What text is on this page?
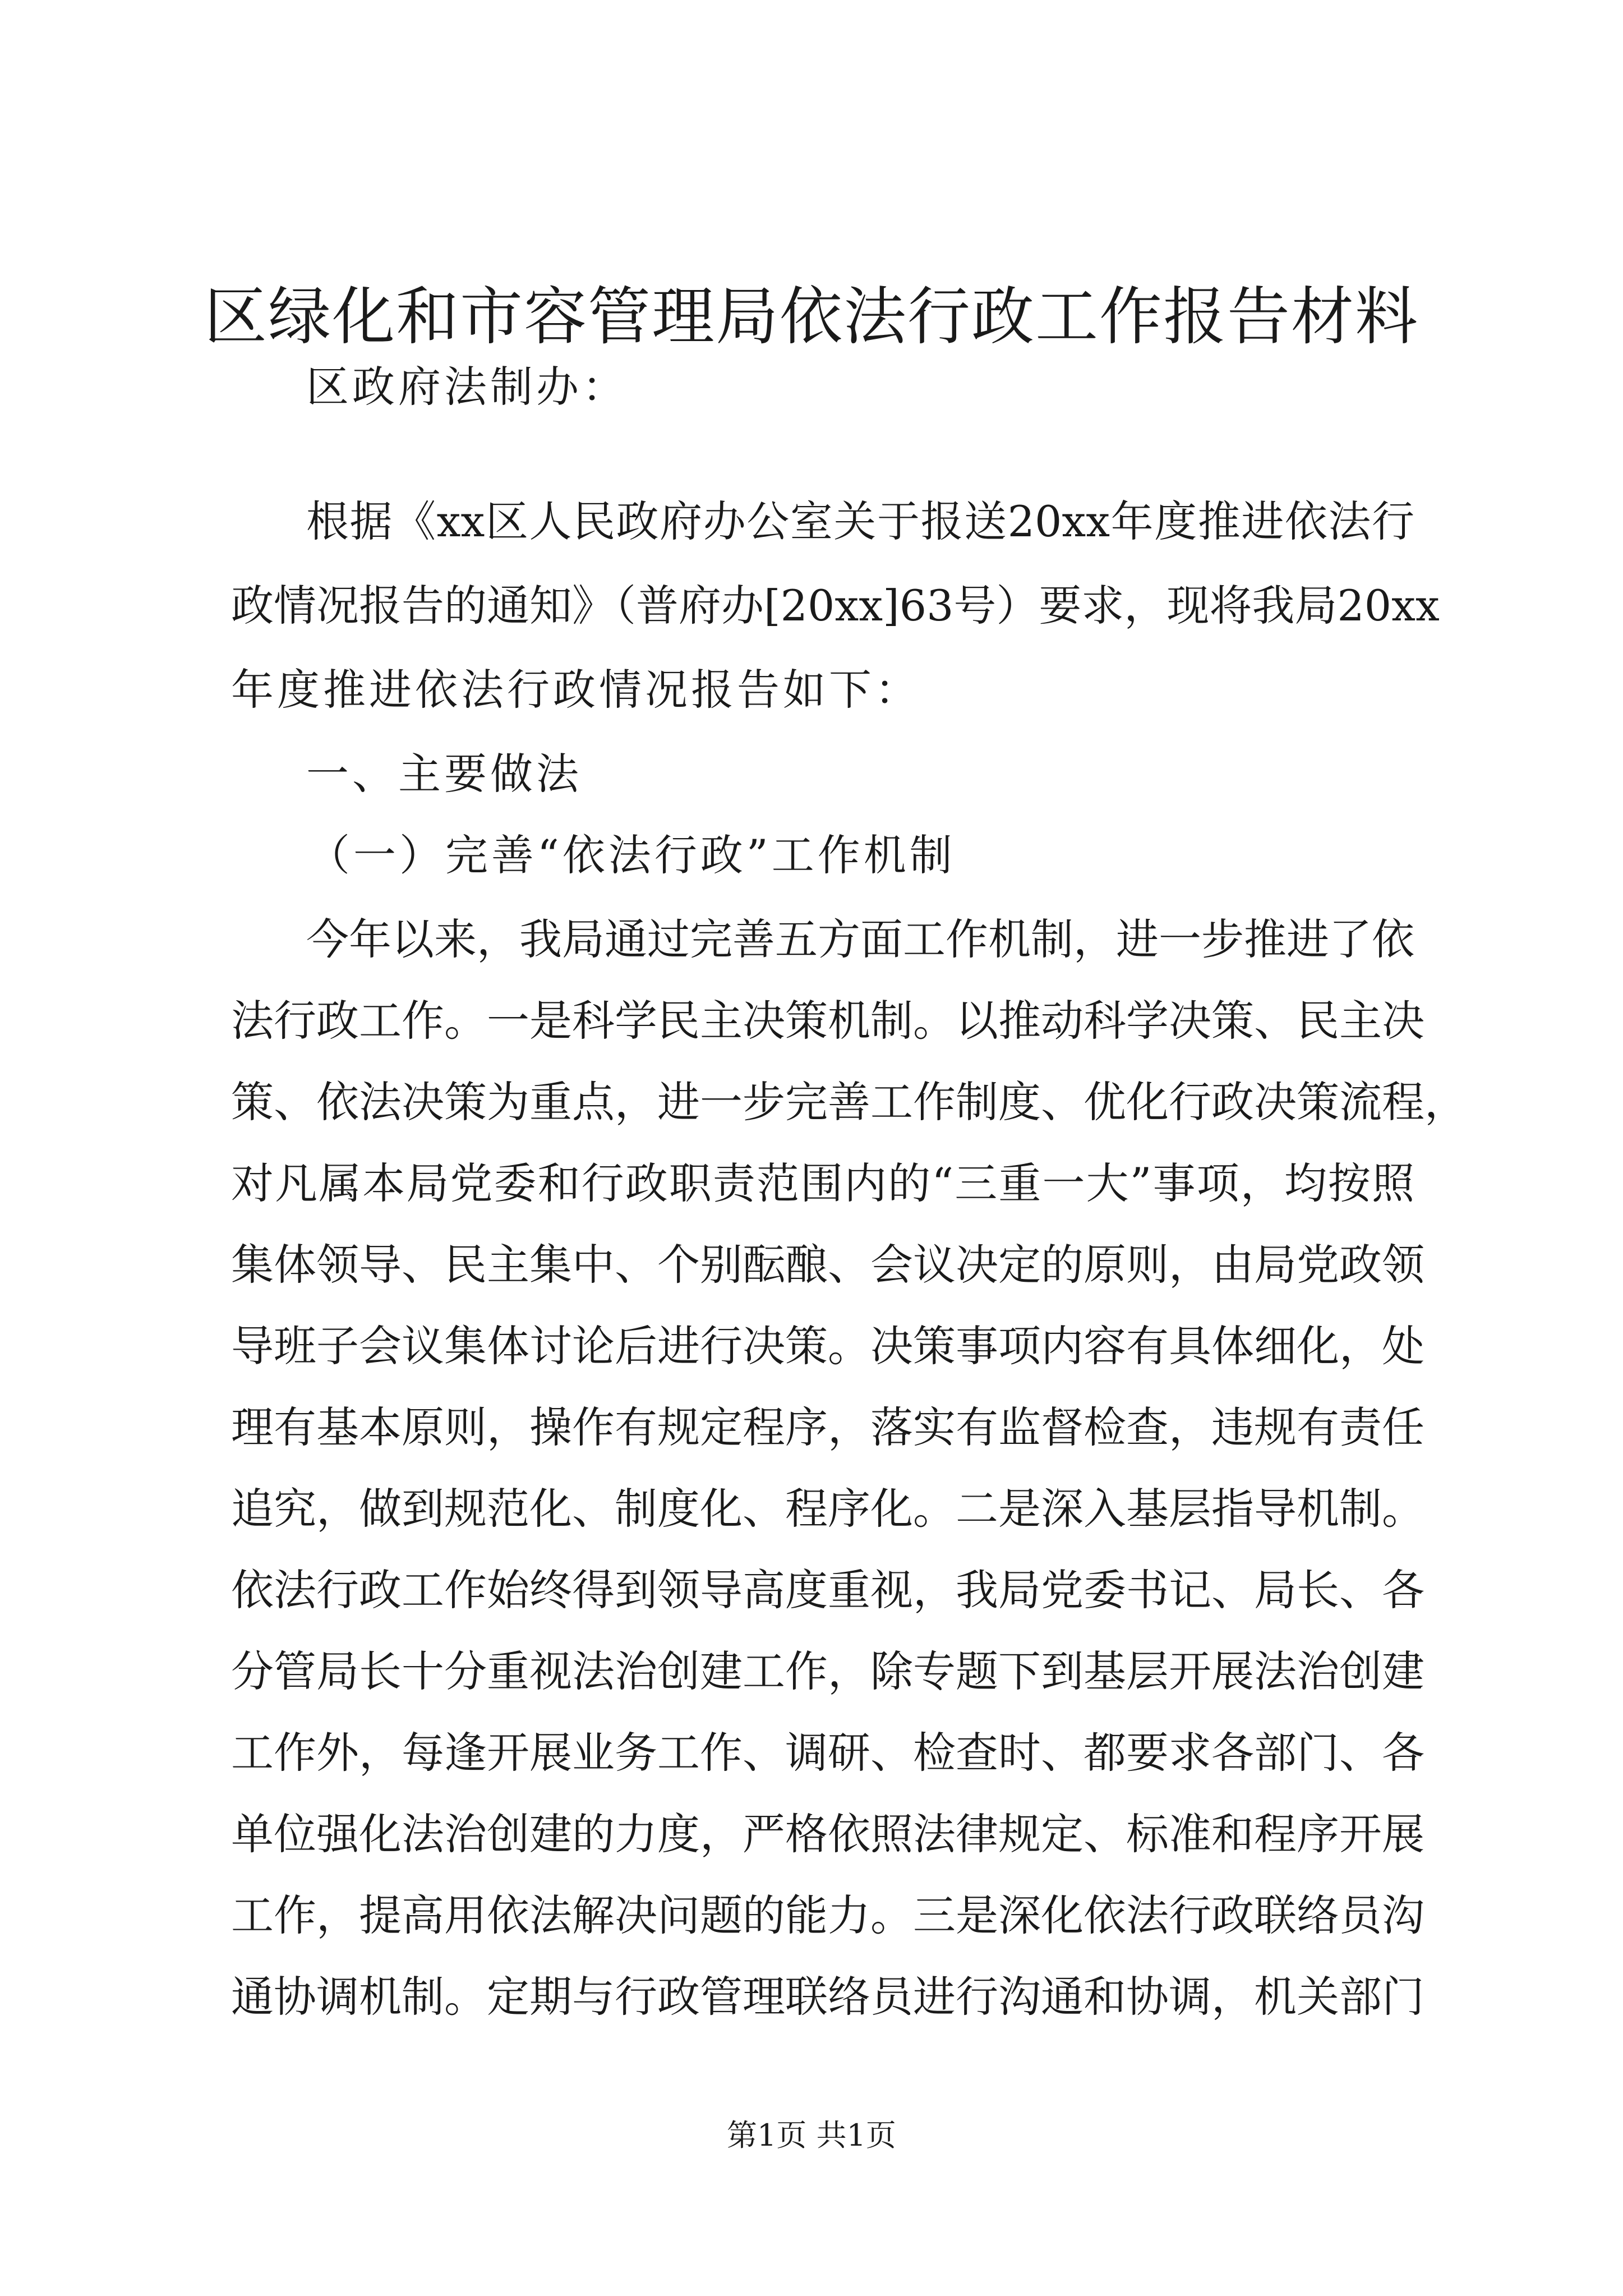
区绿化和市容管理局依法行政工作报告材料
区政府法制办：
根据《xx区人民政府办公室关于报送20xx年度推进依法行
政情况报告的通知》（普府办[20xx]63号）要求，现将我局20xx
年度推进依法行政情况报告如下：
一、主要做法
（一）完善“依法行政”工作机制
今年以来，我局通过完善五方面工作机制，进一步推进了依
法行政工作。一是科学民主决策机制。以推动科学决策、民主决
策、依法决策为重点，进一步完善工作制度、优化行政决策流程，
对凡属本局党委和行政职责范围内的“三重一大”事项，均按照
集体领导、民主集中、个别酝酿、会议决定的原则，由局党政领
导班子会议集体讨论后进行决策。决策事项内容有具体细化，处
理有基本原则，操作有规定程序，落实有监督检查，违规有责任
追究，做到规范化、制度化、程序化。二是深入基层指导机制。
依法行政工作始终得到领导高度重视，我局党委书记、局长、各
分管局长十分重视法治创建工作，除专题下到基层开展法治创建
工作外，每逢开展业务工作、调研、检查时、都要求各部门、各
单位强化法治创建的力度，严格依照法律规定、标准和程序开展
工作，提高用依法解决问题的能力。三是深化依法行政联络员沟
通协调机制。定期与行政管理联络员进行沟通和协调，机关部门
第1页 共1页
